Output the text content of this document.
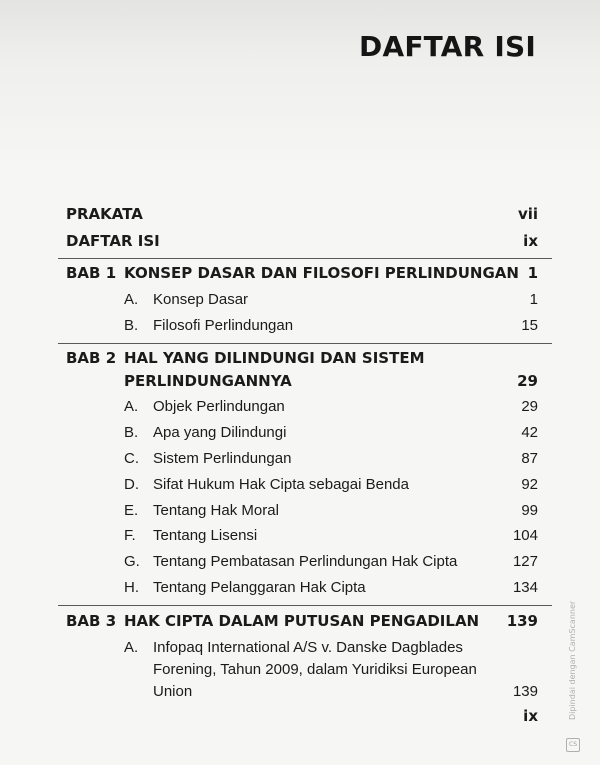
DAFTAR ISI
PRAKATA	vii
DAFTAR ISI	ix
BAB 1 KONSEP DASAR DAN FILOSOFI PERLINDUNGAN 1
A. Konsep Dasar	1
B. Filosofi Perlindungan	15
BAB 2 HAL YANG DILINDUNGI DAN SISTEM
PERLINDUNGANNYA	29
A. Objek Perlindungan	29
B. Apa yang Dilindungi	42
C. Sistem Perlindungan	87
D. Sifat Hukum Hak Cipta sebagai Benda	92
E. Tentang Hak Moral	99
F. Tentang Lisensi	104
G. Tentang Pembatasan Perlindungan Hak Cipta	127
H. Tentang Pelanggaran Hak Cipta	134
BAB 3 HAK CIPTA DALAM PUTUSAN PENGADILAN 139
A. Infopaq International A/S v. Danske Dagblades
Forening, Tahun 2009, dalam Yuridiksi European
Union	139
ix	Dipindai dengan CamScanner
CS
